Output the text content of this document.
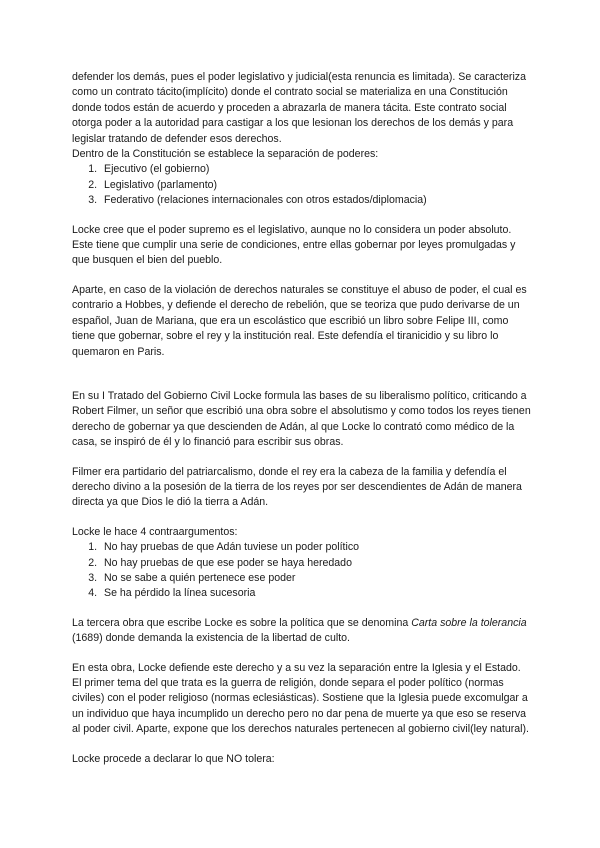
defender los demás, pues el poder legislativo y judicial(esta renuncia es limitada). Se caracteriza como un contrato tácito(implícito) donde el contrato social se materializa en una Constitución donde todos están de acuerdo y proceden a abrazarla de manera tácita. Este contrato social otorga poder a la autoridad para castigar a los que lesionan los derechos de los demás y para legislar tratando de defender esos derechos.

Dentro de la Constitución se establece la separación de poderes:

1. Ejecutivo (el gobierno)
2. Legislativo (parlamento)
3. Federativo (relaciones internacionales con otros estados/diplomacia)

Locke cree que el poder supremo es el legislativo, aunque no lo considera un poder absoluto. Este tiene que cumplir una serie de condiciones, entre ellas gobernar por leyes promulgadas y que busquen el bien del pueblo.

Aparte, en caso de la violación de derechos naturales se constituye el abuso de poder, el cual es contrario a Hobbes, y defiende el derecho de rebelión, que se teoriza que pudo derivarse de un español, Juan de Mariana, que era un escolástico que escribió un libro sobre Felipe III, como tiene que gobernar, sobre el rey y la institución real. Este defendía el tiranicidio y su libro lo quemaron en Paris.

En su I Tratado del Gobierno Civil Locke formula las bases de su liberalismo político, criticando a Robert Filmer, un señor que escribió una obra sobre el absolutismo y como todos los reyes tienen derecho de gobernar ya que descienden de Adán, al que Locke lo contrató como médico de la casa, se inspiró de él y lo financió para escribir sus obras.

Filmer era partidario del patriarcalismo, donde el rey era la cabeza de la familia y defendía el derecho divino a la posesión de la tierra de los reyes por ser descendientes de Adán de manera directa ya que Dios le dió la tierra a Adán.

Locke le hace 4 contraargumentos:

1. No hay pruebas de que Adán tuviese un poder político
2. No hay pruebas de que ese poder se haya heredado
3. No se sabe a quién pertenece ese poder
4. Se ha pérdido la línea sucesoria

La tercera obra que escribe Locke es sobre la política que se denomina Carta sobre la tolerancia (1689) donde demanda la existencia de la libertad de culto.

En esta obra, Locke defiende este derecho y a su vez la separación entre la Iglesia y el Estado. El primer tema del que trata es la guerra de religión, donde separa el poder político (normas civiles) con el poder religioso (normas eclesiásticas). Sostiene que la Iglesia puede excomulgar a un individuo que haya incumplido un derecho pero no dar pena de muerte ya que eso se reserva al poder civil. Aparte, expone que los derechos naturales pertenecen al gobierno civil(ley natural).

Locke procede a declarar lo que NO tolera:
